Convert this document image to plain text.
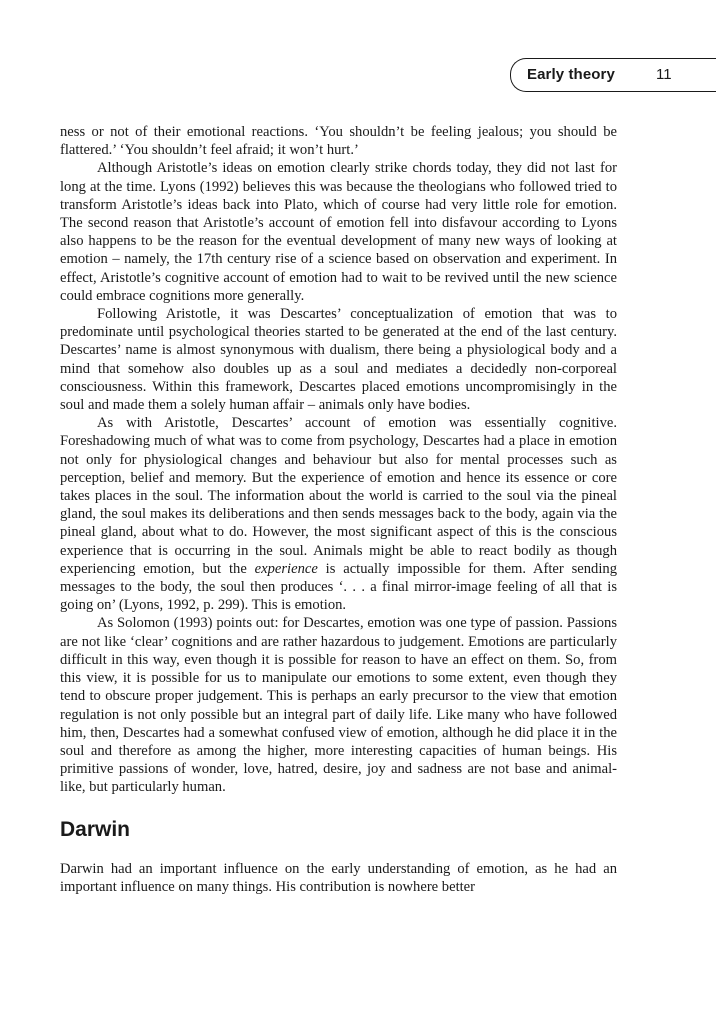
Early theory	11

ness or not of their emotional reactions. ‘You shouldn’t be feeling jealous; you should be flattered.’ ‘You shouldn’t feel afraid; it won’t hurt.’

Although Aristotle’s ideas on emotion clearly strike chords today, they did not last for long at the time. Lyons (1992) believes this was because the theologians who followed tried to transform Aristotle’s ideas back into Plato, which of course had very little role for emotion. The second reason that Aristotle’s account of emotion fell into disfavour according to Lyons also happens to be the reason for the eventual development of many new ways of looking at emotion – namely, the 17th century rise of a science based on observation and experiment. In effect, Aristotle’s cognitive account of emotion had to wait to be revived until the new science could embrace cognitions more generally.

Following Aristotle, it was Descartes’ conceptualization of emotion that was to predominate until psychological theories started to be generated at the end of the last century. Descartes’ name is almost synonymous with dualism, there being a physiological body and a mind that somehow also doubles up as a soul and mediates a decidedly non-corporeal consciousness. Within this framework, Descartes placed emotions uncompromisingly in the soul and made them a solely human affair – animals only have bodies.

As with Aristotle, Descartes’ account of emotion was essentially cognitive. Foreshadowing much of what was to come from psychology, Descartes had a place in emotion not only for physiological changes and behaviour but also for mental processes such as perception, belief and memory. But the experience of emotion and hence its essence or core takes places in the soul. The information about the world is carried to the soul via the pineal gland, the soul makes its deliberations and then sends messages back to the body, again via the pineal gland, about what to do. However, the most significant aspect of this is the conscious experience that is occurring in the soul. Animals might be able to react bodily as though experiencing emotion, but the experience is actually impossible for them. After sending messages to the body, the soul then produces ‘. . . a final mirror-image feeling of all that is going on’ (Lyons, 1992, p. 299). This is emotion.

As Solomon (1993) points out: for Descartes, emotion was one type of passion. Passions are not like ‘clear’ cognitions and are rather hazardous to judgement. Emotions are particularly difficult in this way, even though it is possible for reason to have an effect on them. So, from this view, it is possible for us to manipulate our emotions to some extent, even though they tend to obscure proper judgement. This is perhaps an early precursor to the view that emotion regulation is not only possible but an integral part of daily life. Like many who have followed him, then, Descartes had a somewhat confused view of emotion, although he did place it in the soul and therefore as among the higher, more interesting capacities of human beings. His primitive passions of wonder, love, hatred, desire, joy and sadness are not base and animal-like, but particularly human.

Darwin

Darwin had an important influence on the early understanding of emotion, as he had an important influence on many things. His contribution is nowhere better
